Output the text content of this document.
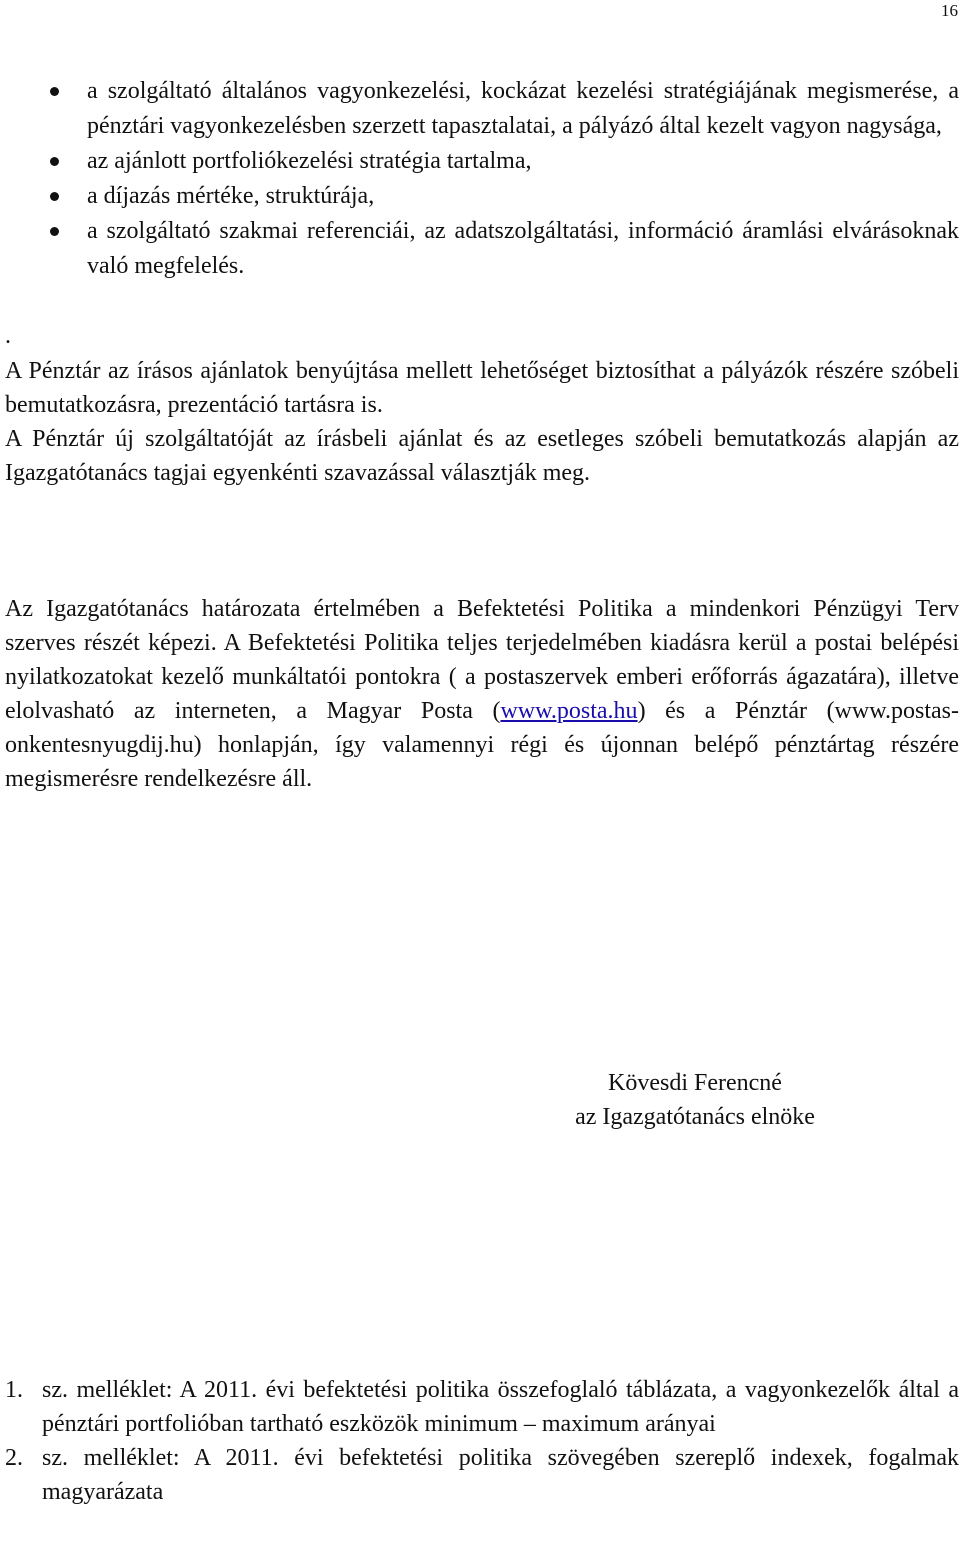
16
a szolgáltató általános vagyonkezelési, kockázat kezelési stratégiájának megismerése, a pénztári vagyonkezelésben szerzett tapasztalatai, a pályázó által kezelt vagyon nagysága,
az ajánlott portfoliókezelési stratégia tartalma,
a díjazás mértéke, struktúrája,
a szolgáltató szakmai referenciái, az adatszolgáltatási, információ áramlási elvárásoknak való megfelelés.
.

A Pénztár az írásos ajánlatok benyújtása mellett lehetőséget biztosíthat a pályázók részére szóbeli bemutatkozásra, prezentáció tartásra is.

A Pénztár új szolgáltatóját az írásbeli ajánlat és az esetleges szóbeli bemutatkozás alapján az Igazgatótanács tagjai egyenkénti szavazással választják meg.

Az Igazgatótanács határozata értelmében a Befektetési Politika a mindenkori Pénzügyi Terv szerves részét képezi. A Befektetési Politika teljes terjedelmében kiadásra kerül a postai belépési nyilatkozatokat kezelő munkáltatói pontokra ( a postaszervek emberi erőforrás ágazatára), illetve elolvasható az interneten, a Magyar Posta (www.posta.hu) és a Pénztár (www.postas-onkentesnyugdij.hu) honlapján, így valamennyi régi és újonnan belépő pénztártag részére megismerésre rendelkezésre áll.

Kövesdi Ferencné
az Igazgatótanács elnöke
1. sz. melléklet: A 2011. évi befektetési politika összefoglaló táblázata, a vagyonkezelők által a pénztári portfolióban tartható eszközök minimum – maximum arányai
2. sz. melléklet: A 2011. évi befektetési politika szövegében szereplő indexek, fogalmak magyarázata
